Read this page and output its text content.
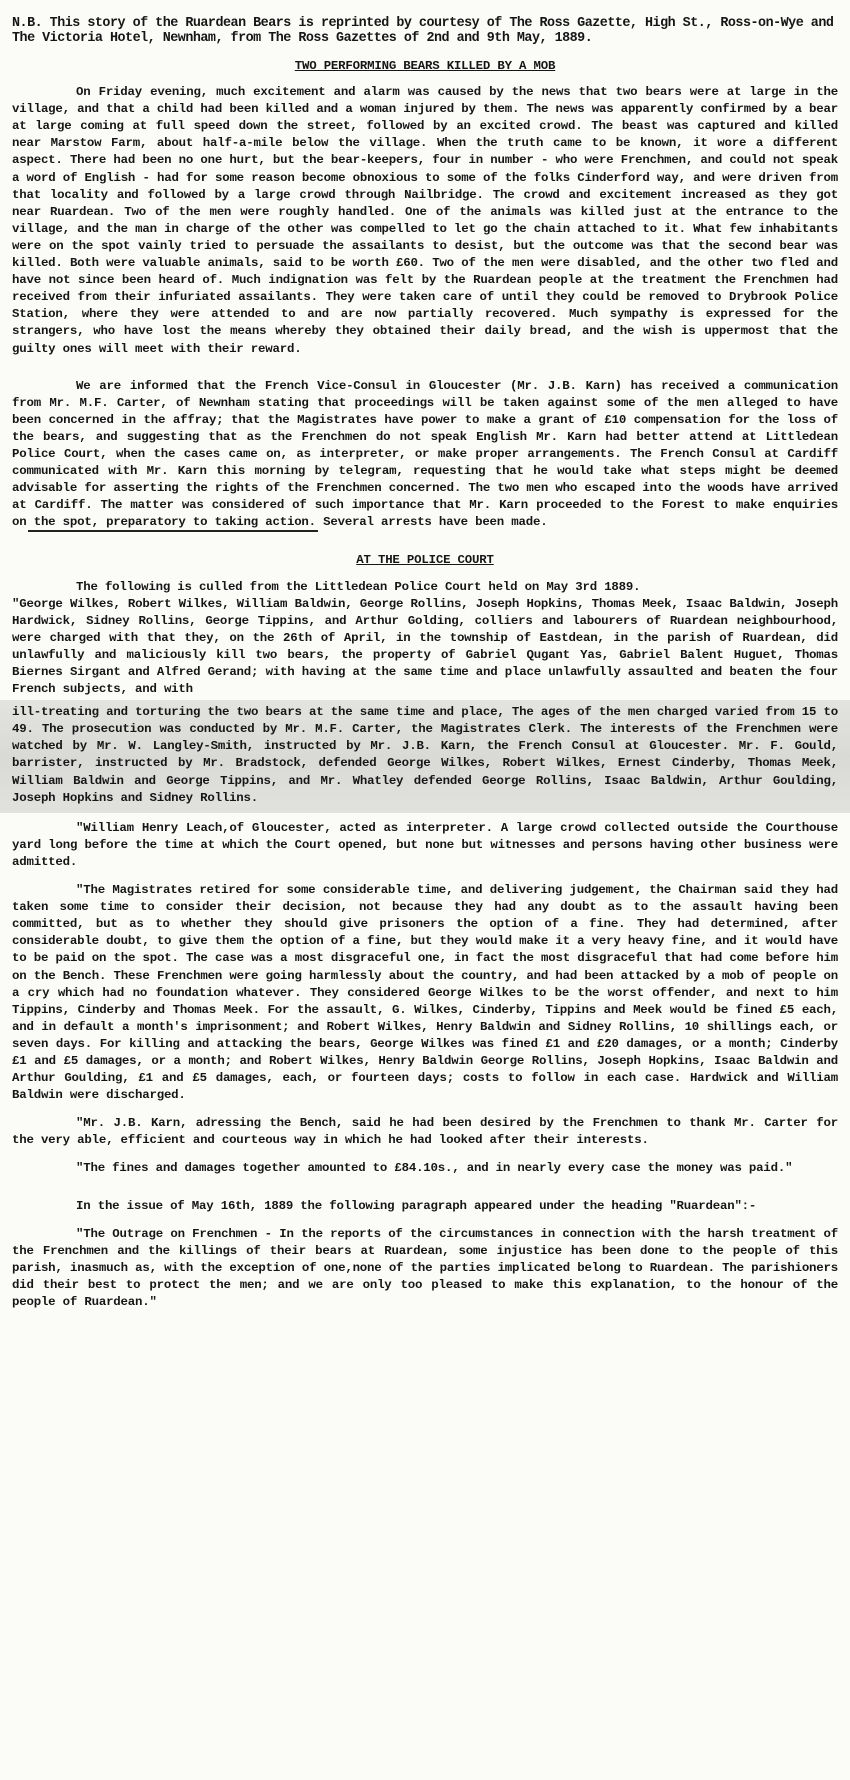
N.B. This story of the Ruardean Bears is reprinted by courtesy of The Ross Gazette, High St., Ross-on-Wye and The Victoria Hotel, Newnham, from The Ross Gazettes of 2nd and 9th May, 1889.
TWO PERFORMING BEARS KILLED BY A MOB

On Friday evening, much excitement and alarm was caused by the news that two bears were at large in the village, and that a child had been killed and a woman injured by them. The news was apparently confirmed by a bear at large coming at full speed down the street, followed by an excited crowd. The beast was captured and killed near Marstow Farm, about half-a-mile below the village. When the truth came to be known, it wore a different aspect. There had been no one hurt, but the bear-keepers, four in number - who were Frenchmen, and could not speak a word of English - had for some reason become obnoxious to some of the folks Cinderford way, and were driven from that locality and followed by a large crowd through Nailbridge. The crowd and excitement increased as they got near Ruardean. Two of the men were roughly handled. One of the animals was killed just at the entrance to the village, and the man in charge of the other was compelled to let go the chain attached to it. What few inhabitants were on the spot vainly tried to persuade the assailants to desist, but the outcome was that the second bear was killed. Both were valuable animals, said to be worth £60. Two of the men were disabled, and the other two fled and have not since been heard of. Much indignation was felt by the Ruardean people at the treatment the Frenchmen had received from their infuriated assailants. They were taken care of until they could be removed to Drybrook Police Station, where they were attended to and are now partially recovered. Much sympathy is expressed for the strangers, who have lost the means whereby they obtained their daily bread, and the wish is uppermost that the guilty ones will meet with their reward.

We are informed that the French Vice-Consul in Gloucester (Mr. J.B. Karn) has received a communication from Mr. M.F. Carter, of Newnham stating that proceedings will be taken against some of the men alleged to have been concerned in the affray; that the Magistrates have power to make a grant of £10 compensation for the loss of the bears, and suggesting that as the Frenchmen do not speak English Mr. Karn had better attend at Littledean Police Court, when the cases came on, as interpreter, or make proper arrangements. The French Consul at Cardiff communicated with Mr. Karn this morning by telegram, requesting that he would take what steps might be deemed advisable for asserting the rights of the Frenchmen concerned. The two men who escaped into the woods have arrived at Cardiff. The matter was considered of such importance that Mr. Karn proceeded to the Forest to make enquiries on the spot, preparatory to taking action. Several arrests have been made.

AT THE POLICE COURT

The following is culled from the Littledean Police Court held on May 3rd 1889.

"George Wilkes, Robert Wilkes, William Baldwin, George Rollins, Joseph Hopkins, Thomas Meek, Isaac Baldwin, Joseph Hardwick, Sidney Rollins, George Tippins, and Arthur Golding, colliers and labourers of Ruardean neighbourhood, were charged with that they, on the 26th of April, in the township of Eastdean, in the parish of Ruardean, did unlawfully and maliciously kill two bears, the property of Gabriel Qugant Yas, Gabriel Balent Huguet, Thomas Biernes Sirgant and Alfred Gerand; with having at the same time and place unlawfully assaulted and beaten the four French subjects, and with

ill-treating and torturing the two bears at the same time and place, The ages of the men charged varied from 15 to 49. The prosecution was conducted by Mr. M.F. Carter, the Magistrates Clerk. The interests of the Frenchmen were watched by Mr. W. Langley-Smith, instructed by Mr. J.B. Karn, the French Consul at Gloucester. Mr. F. Gould, barrister, instructed by Mr. Bradstock, defended George Wilkes, Robert Wilkes, Ernest Cinderby, Thomas Meek, William Baldwin and George Tippins, and Mr. Whatley defended George Rollins, Isaac Baldwin, Arthur Goulding, Joseph Hopkins and Sidney Rollins.

"William Henry Leach,of Gloucester, acted as interpreter. A large crowd collected outside the Courthouse yard long before the time at which the Court opened, but none but witnesses and persons having other business were admitted.

"The Magistrates retired for some considerable time, and delivering judgement, the Chairman said they had taken some time to consider their decision, not because they had any doubt as to the assault having been committed, but as to whether they should give prisoners the option of a fine. They had determined, after considerable doubt, to give them the option of a fine, but they would make it a very heavy fine, and it would have to be paid on the spot. The case was a most disgraceful one, in fact the most disgraceful that had come before him on the Bench. These Frenchmen were going harmlessly about the country, and had been attacked by a mob of people on a cry which had no foundation whatever. They considered George Wilkes to be the worst offender, and next to him Tippins, Cinderby and Thomas Meek. For the assault, G. Wilkes, Cinderby, Tippins and Meek would be fined £5 each, and in default a month's imprisonment; and Robert Wilkes, Henry Baldwin and Sidney Rollins, 10 shillings each, or seven days. For killing and attacking the bears, George Wilkes was fined £1 and £20 damages, or a month; Cinderby £1 and £5 damages, or a month; and Robert Wilkes, Henry Baldwin George Rollins, Joseph Hopkins, Isaac Baldwin and Arthur Goulding, £1 and £5 damages, each, or fourteen days; costs to follow in each case. Hardwick and William Baldwin were discharged.

"Mr. J.B. Karn, adressing the Bench, said he had been desired by the Frenchmen to thank Mr. Carter for the very able, efficient and courteous way in which he had looked after their interests.

"The fines and damages together amounted to £84.10s., and in nearly every case the money was paid."

In the issue of May 16th, 1889 the following paragraph appeared under the heading "Ruardean":-

"The Outrage on Frenchmen - In the reports of the circumstances in connection with the harsh treatment of the Frenchmen and the killings of their bears at Ruardean, some injustice has been done to the people of this parish, inasmuch as, with the exception of one,none of the parties implicated belong to Ruardean. The parishioners did their best to protect the men; and we are only too pleased to make this explanation, to the honour of the people of Ruardean."
